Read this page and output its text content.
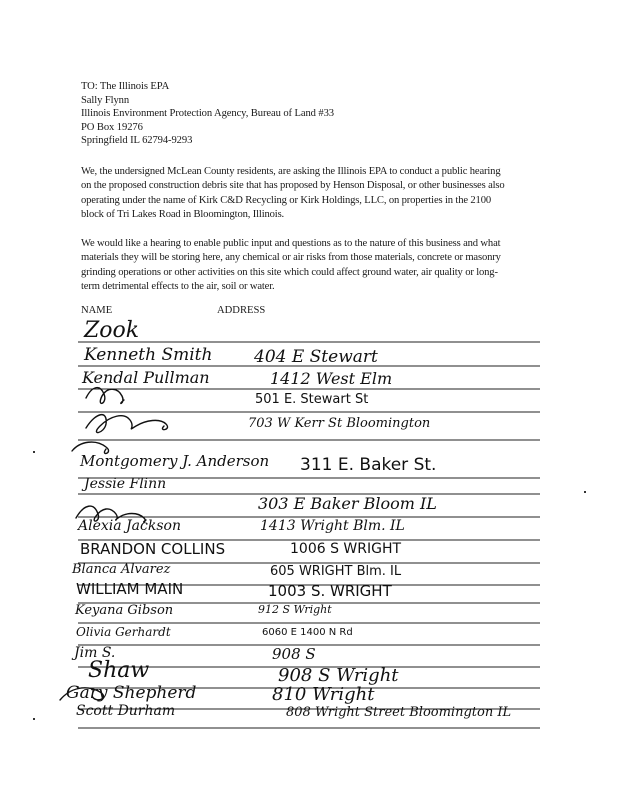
TO: The Illinois EPA
Sally Flynn
Illinois Environment Protection Agency, Bureau of Land #33
PO Box 19276
Springfield IL 62794-9293

We, the undersigned McLean County residents, are asking the Illinois EPA to conduct a public hearing on the proposed construction debris site that has proposed by Henson Disposal, or other businesses also operating under the name of Kirk C&D Recycling or Kirk Holdings, LLC, on properties in the 2100 block of Tri Lakes Road in Bloomington, Illinois.

We would like a hearing to enable public input and questions as to the nature of this business and what materials they will be storing here, any chemical or air risks from those materials, concrete or masonry grinding operations or other activities on this site which could affect ground water, air quality or long-term detrimental effects to the air, soil or water.

NAME	ADDRESS
Zook
Kenneth Smith 404 E Stewart
Kendal Pullman	1412 West Elm
501 E. Stewart St
703 W Kerr St Bloomington
Montgomery J. Anderson 311 E. Baker St.
Jessie Flinn
303 E Baker Bloom IL
Alexia Jackson	1413 Wright Blm. IL
BRANDON COLLINS	1006 S WRIGHT
Blanca Alvarez	605 WRIGHT Blm. IL
WILLIAM MAIN	1003 S. WRIGHT
Keyana Gibson	912 S Wright
Olivia Gerhardt	6060 E 1400 N Rd
Jim S.	908 S
Shaw	908 S Wright
Gary Shepherd	810 Wright
Scott Durham	808 Wright Street Bloomington IL
